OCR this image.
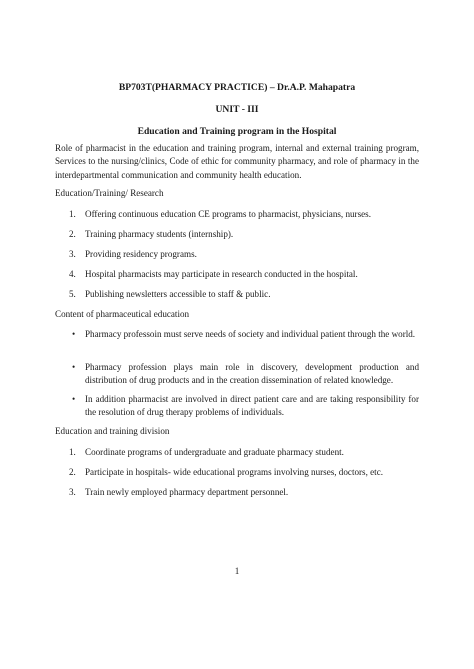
BP703T(PHARMACY PRACTICE) – Dr.A.P. Mahapatra

UNIT - III

Education and Training program in the Hospital

Role of pharmacist in the education and training program, internal and external training program, Services to the nursing/clinics, Code of ethic for community pharmacy, and role of pharmacy in the interdepartmental communication and community health education.

Education/Training/ Research

1. Offering continuous education CE programs to pharmacist, physicians, nurses.
2. Training pharmacy students (internship).
3. Providing residency programs.
4. Hospital pharmacists may participate in research conducted in the hospital.
5. Publishing newsletters accessible to staff & public.

Content of pharmaceutical education

• Pharmacy professoin must serve needs of society and individual patient through the world.
• Pharmacy profession plays main role in discovery, development production and distribution of drug products and in the creation dissemination of related knowledge.
• In addition pharmacist are involved in direct patient care and are taking responsibility for the resolution of drug therapy problems of individuals.

Education and training division

1. Coordinate programs of undergraduate and graduate pharmacy student.
2. Participate in hospitals- wide educational programs involving nurses, doctors, etc.
3. Train newly employed pharmacy department personnel.
1
